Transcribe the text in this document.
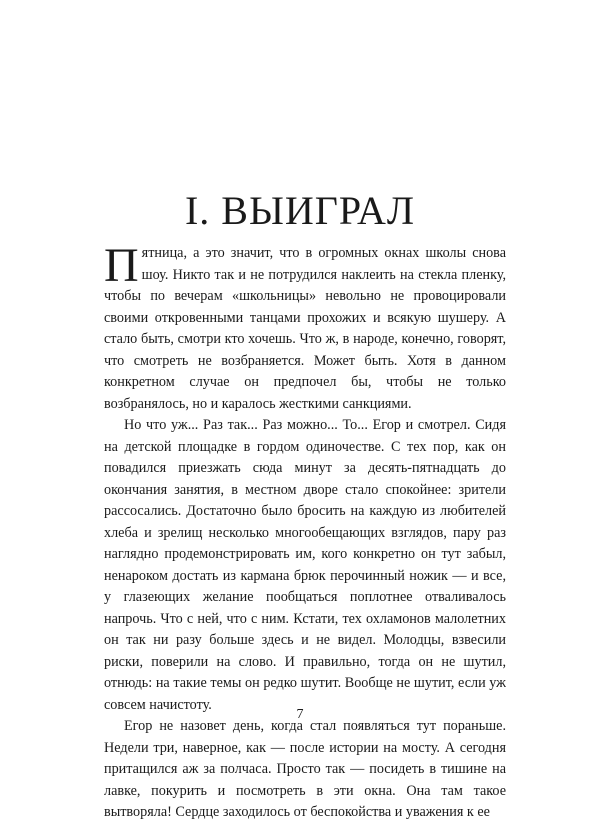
I. ВЫИГРАЛ

Пятница, а это значит, что в огромных окнах школы снова шоу. Никто так и не потрудился наклеить на стекла пленку, чтобы по вечерам «школьницы» невольно не провоцировали своими откровенными танцами прохожих и всякую шушеру. А стало быть, смотри кто хочешь. Что ж, в народе, конечно, говорят, что смотреть не возбраняется. Может быть. Хотя в данном конкретном случае он предпочел бы, чтобы не только возбранялось, но и каралось жесткими санкциями.

Но что уж... Раз так... Раз можно... То... Егор и смотрел. Сидя на детской площадке в гордом одиночестве. С тех пор, как он повадился приезжать сюда минут за десять-пятнадцать до окончания занятия, в местном дворе стало спокойнее: зрители рассосались. Достаточно было бросить на каждую из любителей хлеба и зрелищ несколько многообещающих взглядов, пару раз наглядно продемонстрировать им, кого конкретно он тут забыл, ненароком достать из кармана брюк перочинный ножик — и все, у глазеющих желание пообщаться поплотнее отваливалось напрочь. Что с ней, что с ним. Кстати, тех охламонов малолетних он так ни разу больше здесь и не видел. Молодцы, взвесили риски, поверили на слово. И правильно, тогда он не шутил, отнюдь: на такие темы он редко шутит. Вообще не шутит, если уж совсем начистоту.

Егор не назовет день, когда стал появляться тут пораньше. Недели три, наверное, как — после истории на мосту. А сегодня притащился аж за полчаса. Просто так — посидеть в тишине на лавке, покурить и посмотреть в эти окна. Она там такое вытворяла! Сердце заходилось от беспокойства и уважения к ее

7
